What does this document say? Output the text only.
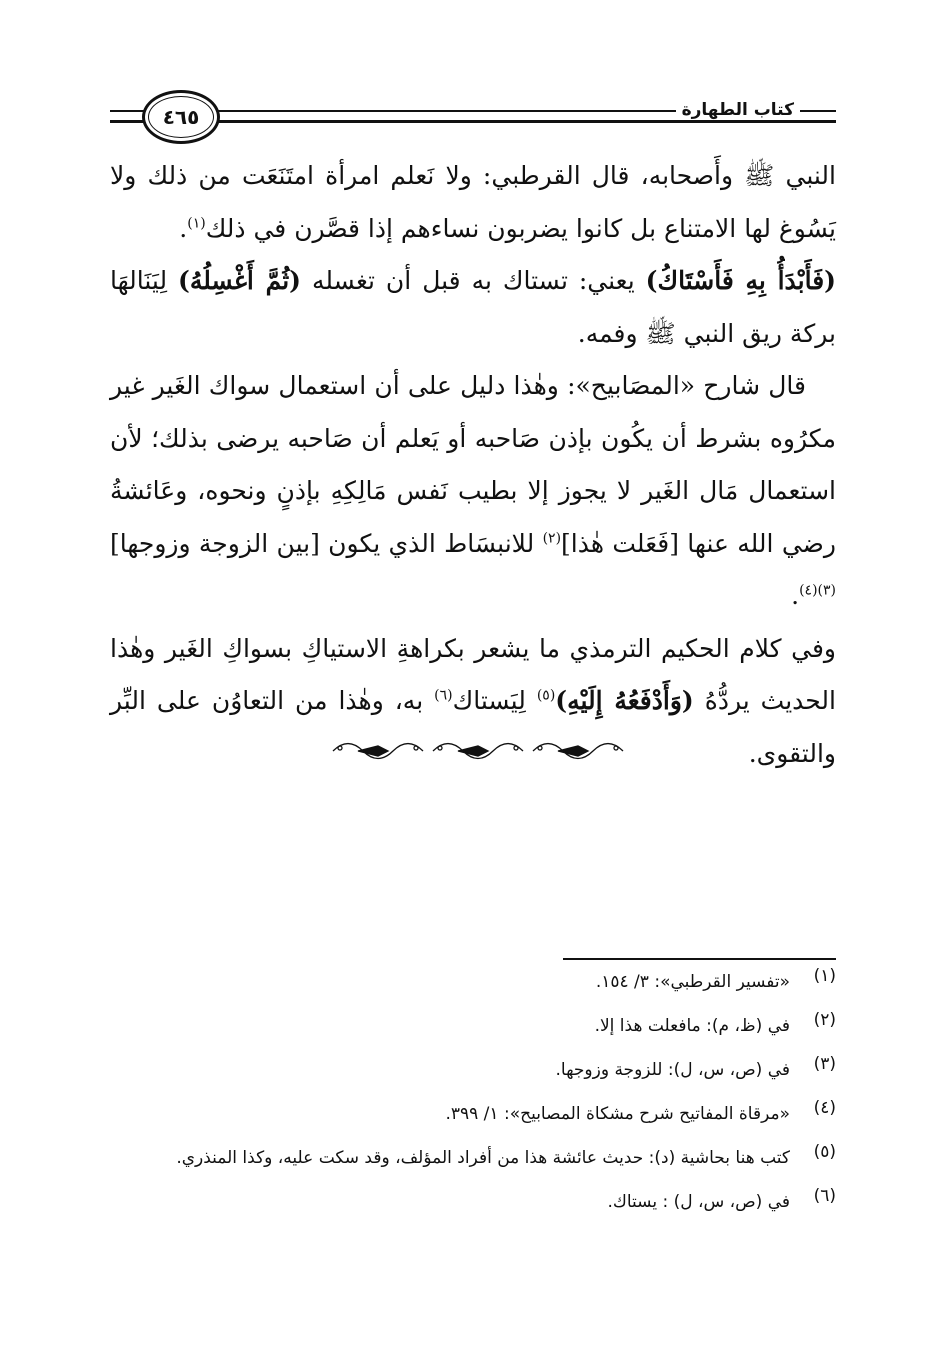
كتاب الطهارة
٤٦٥

النبي ﷺ وأَصحابه، قال القرطبي: ولا نَعلم امرأة امتَنَعَت من ذلك ولا يَسُوغ لها الامتناع بل كانوا يضربون نساءهم إذا قصَّرن في ذلك$^{(١)}$.

(فَأَبْدَأُ بِهِ فَأَسْتَاكُ) يعني: تستاك به قبل أن تغسله (ثُمَّ أَغْسِلُهُ) لِيَنَالهَا بركة ريق النبي ﷺ وفمه.

قال شارح «المصَابيح»: وهٰذا دليل على أن استعمال سواك الغَير غير مكرُوه بشرط أن يكُون بإذن صَاحبه أو يَعلم أن صَاحبه يرضى بذلك؛ لأن استعمال مَال الغَير لا يجوز إلا بطيب نَفس مَالِكِهِ بإذنٍ ونحوه، وعَائشةُ رضي الله عنها [فَعَلت هٰذا]$^{(٢)}$ للانبسَاط الذي يكون [بين الزوجة وزوجها]$^{(٣)(٤)}$.

وفي كلام الحكيم الترمذي ما يشعر بكراهةِ الاستياكِ بسواكِ الغَير وهٰذا الحديث يردُّهُ (وَأَدْفَعُهُ إِلَيْهِ)$^{(٥)}$ لِيَستاك$^{(٦)}$ به، وهٰذا من التعاوُن على البِّر والتقوى.

(١)
«تفسير القرطبي»: ٣/ ١٥٤.
(٢)
في (ظ، م): مافعلت هذا إلا.
(٣)
في (ص، س، ل): للزوجة وزوجها.
(٤)
«مرقاة المفاتيح شرح مشكاة المصابيح»: ١/ ٣٩٩.
(٥)
كتب هنا بحاشية (د): حديث عائشة هذا من أفراد المؤلف، وقد سكت عليه، وكذا المنذري.
(٦)
في (ص، س، ل) : يستاك.
